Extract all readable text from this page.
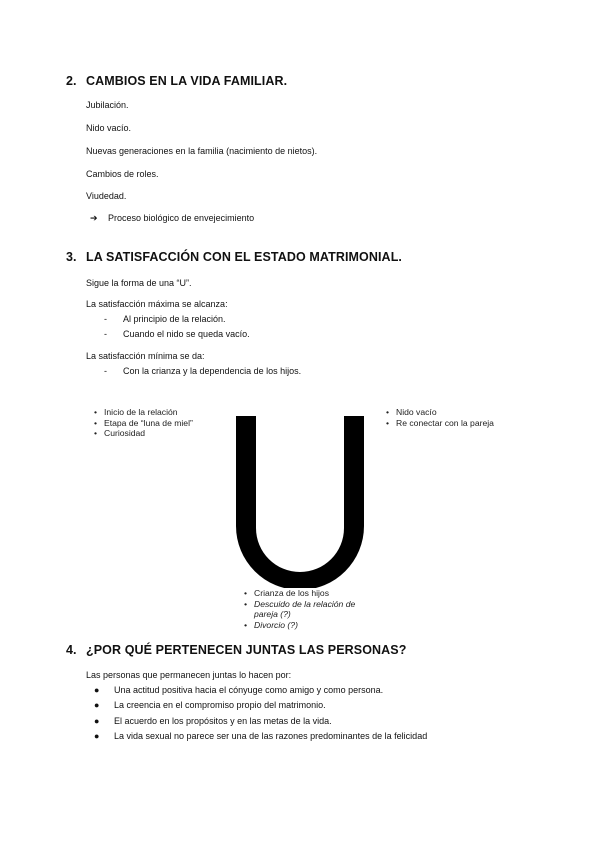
2. CAMBIOS EN LA VIDA FAMILIAR.
Jubilación.
Nido vacío.
Nuevas generaciones en la familia (nacimiento de nietos).
Cambios de roles.
Viudedad.
➔ Proceso biológico de envejecimiento
3. LA SATISFACCIÓN CON EL ESTADO MATRIMONIAL.
Sigue la forma de una “U”.
La satisfacción máxima se alcanza:
- Al principio de la relación.
- Cuando el nido se queda vacío.
La satisfacción mínima se da:
- Con la crianza y la dependencia de los hijos.
• Inicio de la relación
• Etapa de “luna de miel”
• Curiosidad
• Nido vacío
• Re conectar con la pareja
• Crianza de los hijos
• Descuido de la relación de
pareja (?)
• Divorcio (?)
4. ¿POR QUÉ PERTENECEN JUNTAS LAS PERSONAS?
Las personas que permanecen juntas lo hacen por:
● Una actitud positiva hacia el cónyuge como amigo y como persona.
● La creencia en el compromiso propio del matrimonio.
● El acuerdo en los propósitos y en las metas de la vida.
● La vida sexual no parece ser una de las razones predominantes de la felicidad
